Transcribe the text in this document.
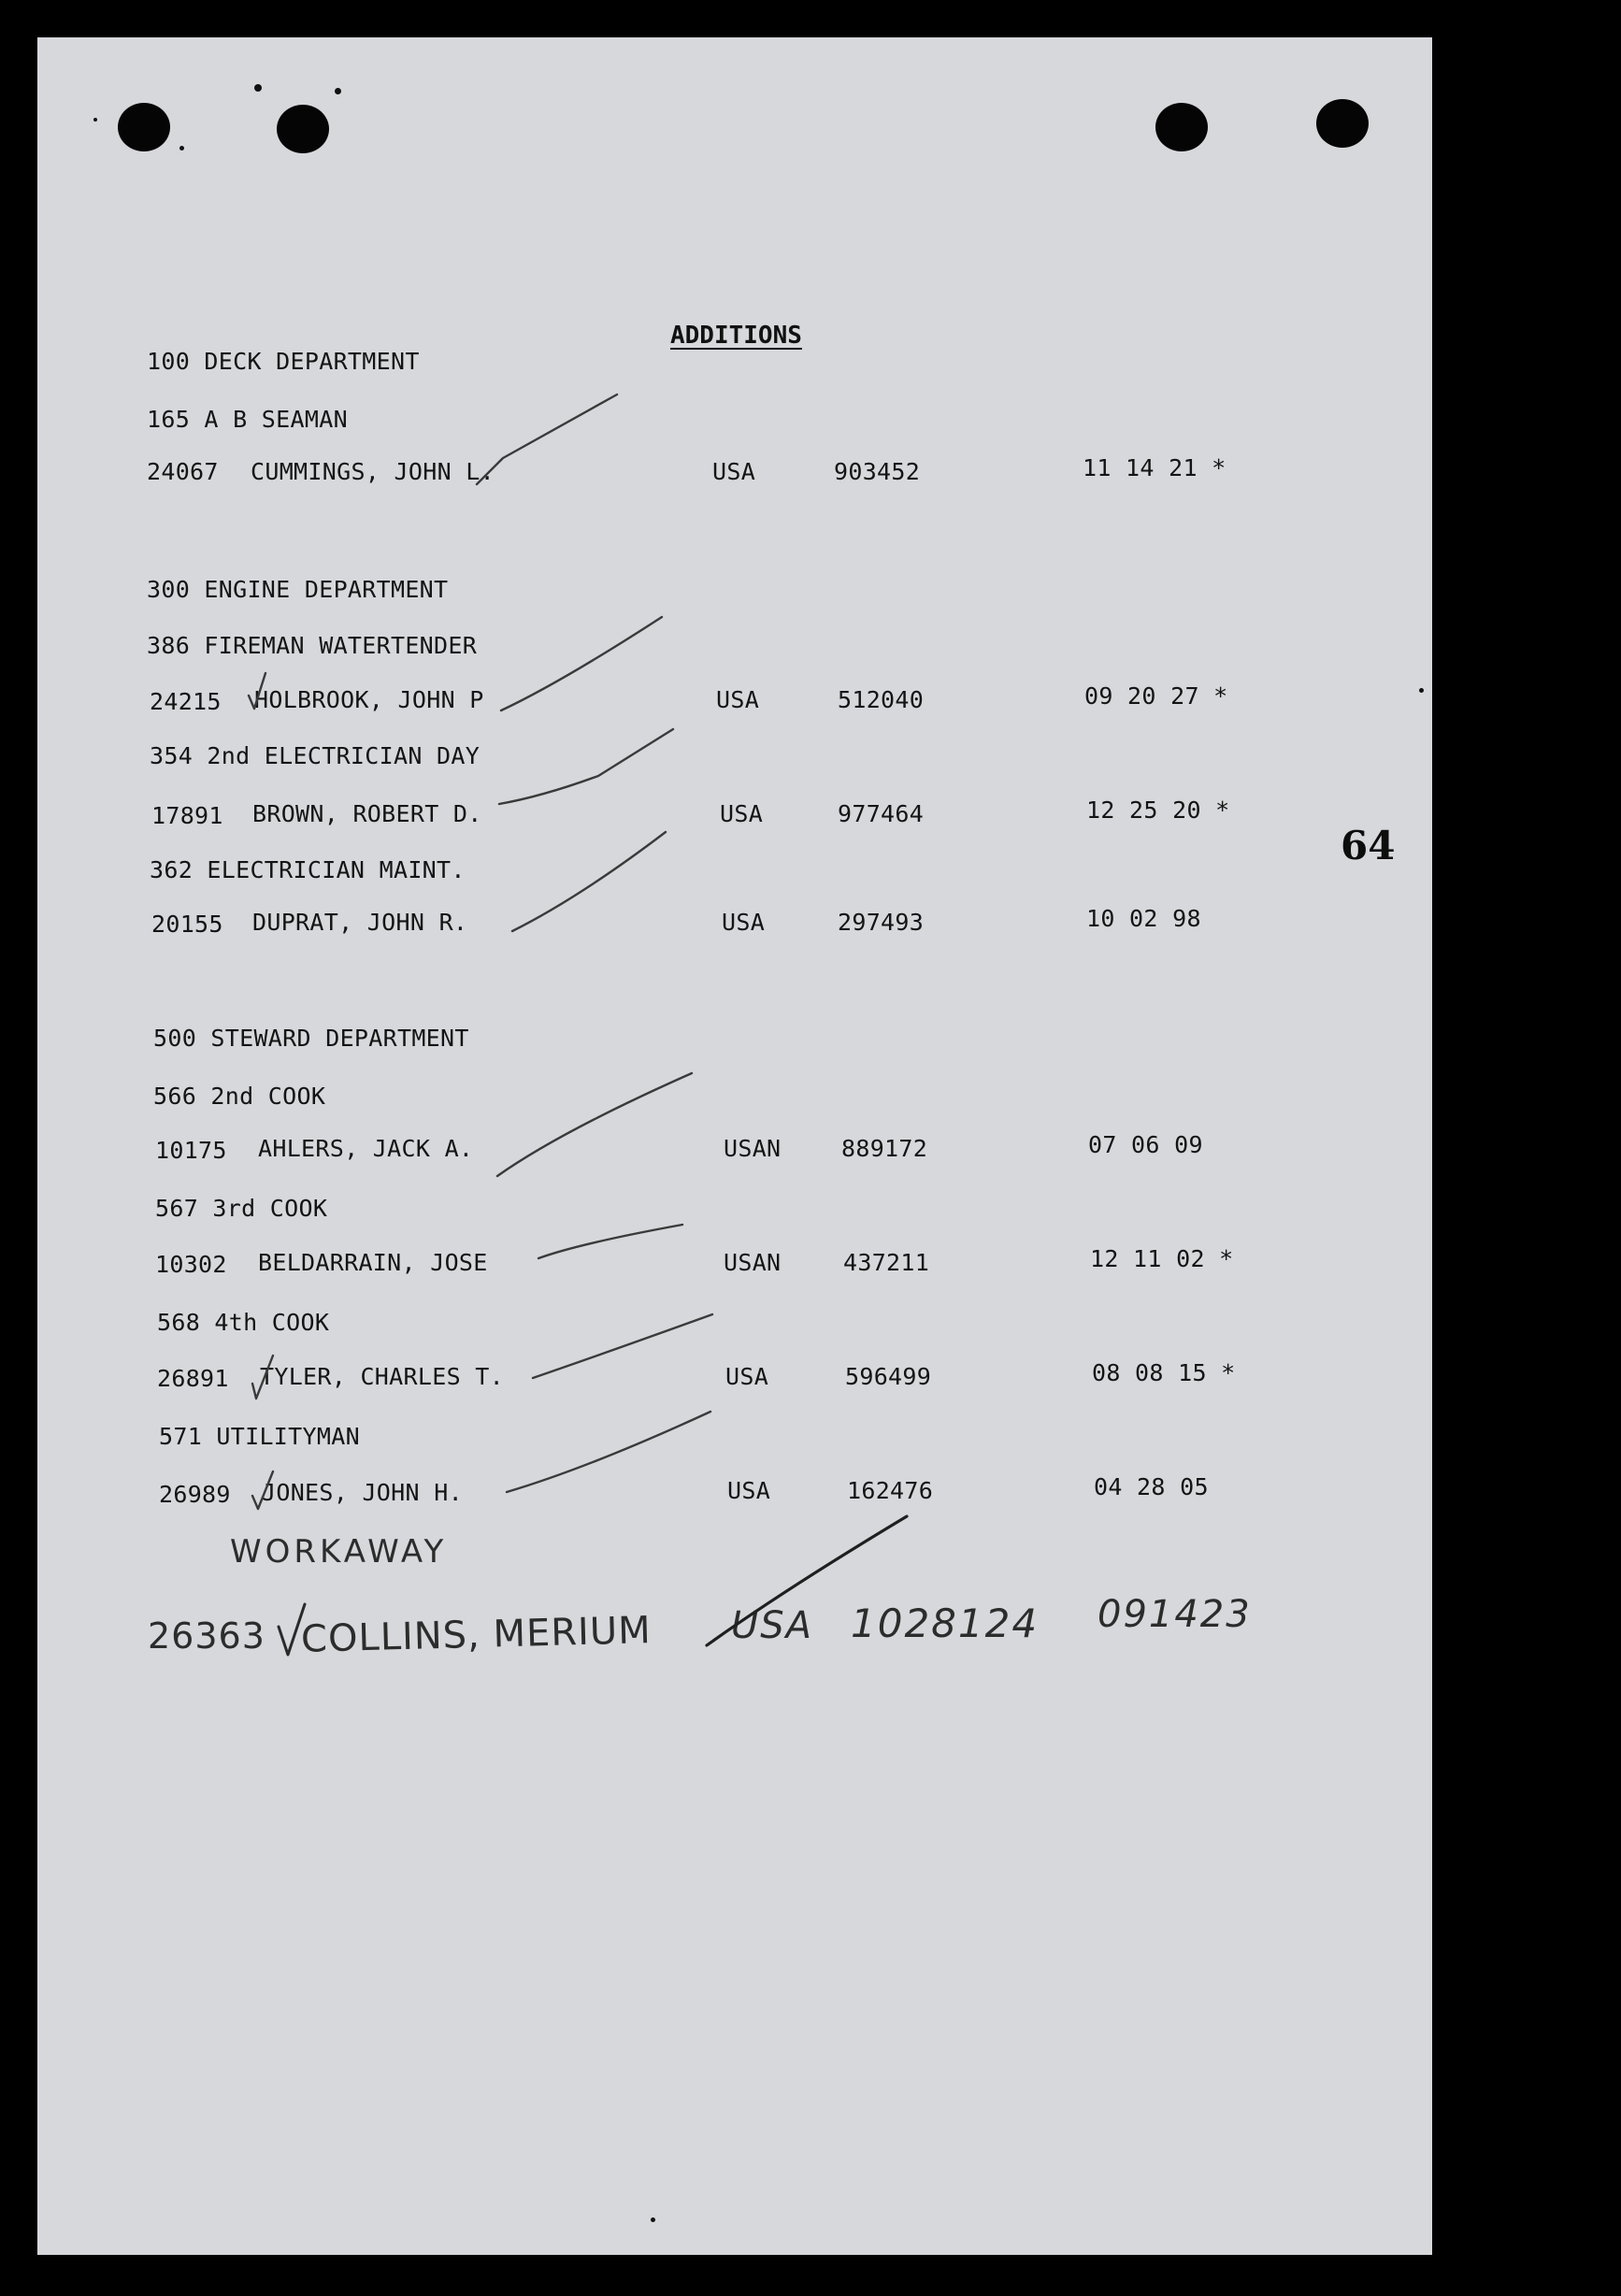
ADDITIONS
64
100 DECK DEPARTMENT
165 A B SEAMAN
24067 CUMMINGS, JOHN L.	USA	903452	11 14 21 *
300 ENGINE DEPARTMENT
386 FIREMAN WATERTENDER
24215 HOLBROOK, JOHN P	USA	512040	09 20 27 *
354 2nd ELECTRICIAN DAY
17891 BROWN, ROBERT D.	USA	977464	12 25 20 *
362 ELECTRICIAN MAINT.
20155 DUPRAT, JOHN R.	USA	297493	10 02 98
500 STEWARD DEPARTMENT
566 2nd COOK
10175 AHLERS, JACK A.	USAN	889172	07 06 09
567 3rd COOK
10302 BELDARRAIN, JOSE	USAN	437211	12 11 02 *
568 4th COOK
26891 TYLER, CHARLES T.	USA	596499	08 08 15 *
571 UTILITYMAN
26989 JONES, JOHN H.	USA	162476	04 28 05
WORKAWAY
26363 COLLINS, MERIUM USA 1028124 091423
